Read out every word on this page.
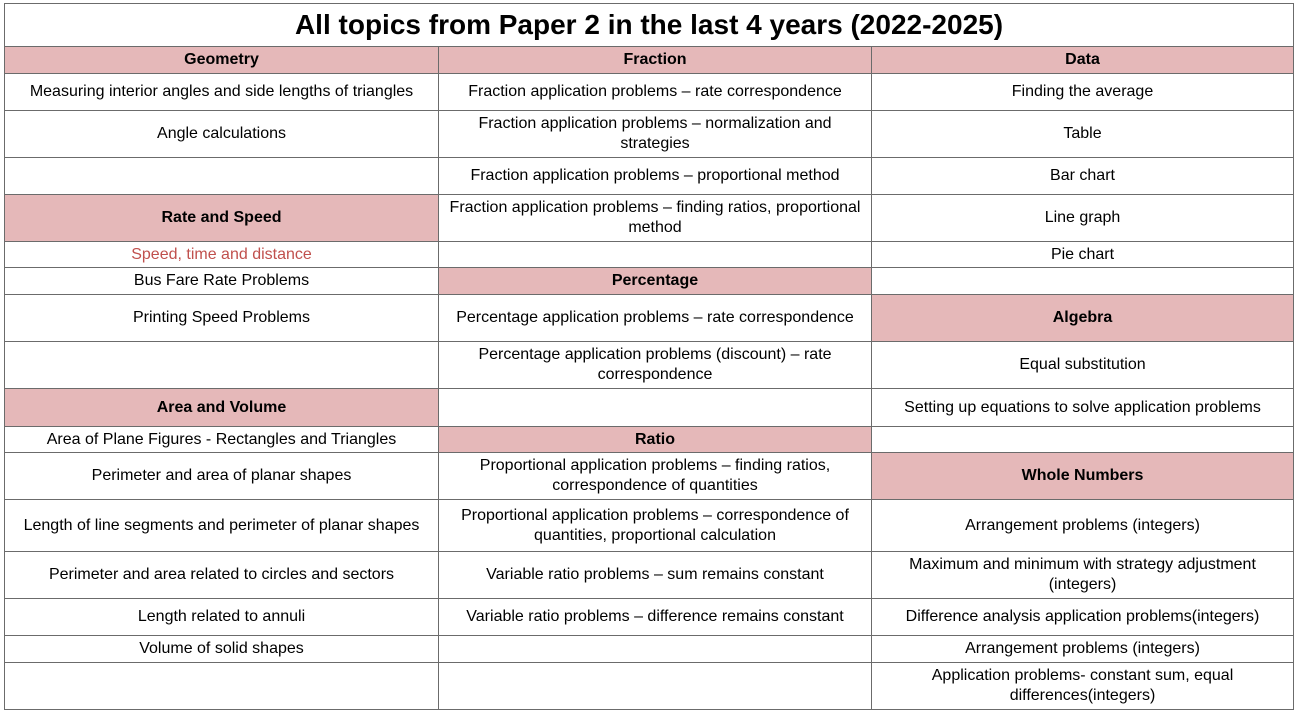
All topics from Paper 2 in the last 4 years (2022-2025)		
Geometry	Fraction	Data
Measuring interior angles and side lengths of triangles	Fraction application problems – rate correspondence	Finding the average
Angle calculations	Fraction application problems – normalization and strategies	Table
	Fraction application problems – proportional method	Bar chart
Rate and Speed	Fraction application problems – finding ratios, proportional method	Line graph
Speed, time and distance		Pie chart
Bus Fare Rate Problems	Percentage	
Printing Speed Problems	Percentage application problems – rate correspondence	Algebra
	Percentage application problems (discount) – rate correspondence	Equal substitution
Area and Volume		Setting up equations to solve application problems
Area of Plane Figures - Rectangles and Triangles	Ratio	
Perimeter and area of planar shapes	Proportional application problems – finding ratios, correspondence of quantities	Whole Numbers
Length of line segments and perimeter of planar shapes	Proportional application problems – correspondence of quantities, proportional calculation	Arrangement problems (integers)
Perimeter and area related to circles and sectors	Variable ratio problems – sum remains constant	Maximum and minimum with strategy adjustment (integers)
Length related to annuli	Variable ratio problems – difference remains constant	Difference analysis application problems(integers)
Volume of solid shapes		Arrangement problems (integers)
		Application problems- constant sum, equal differences(integers)
